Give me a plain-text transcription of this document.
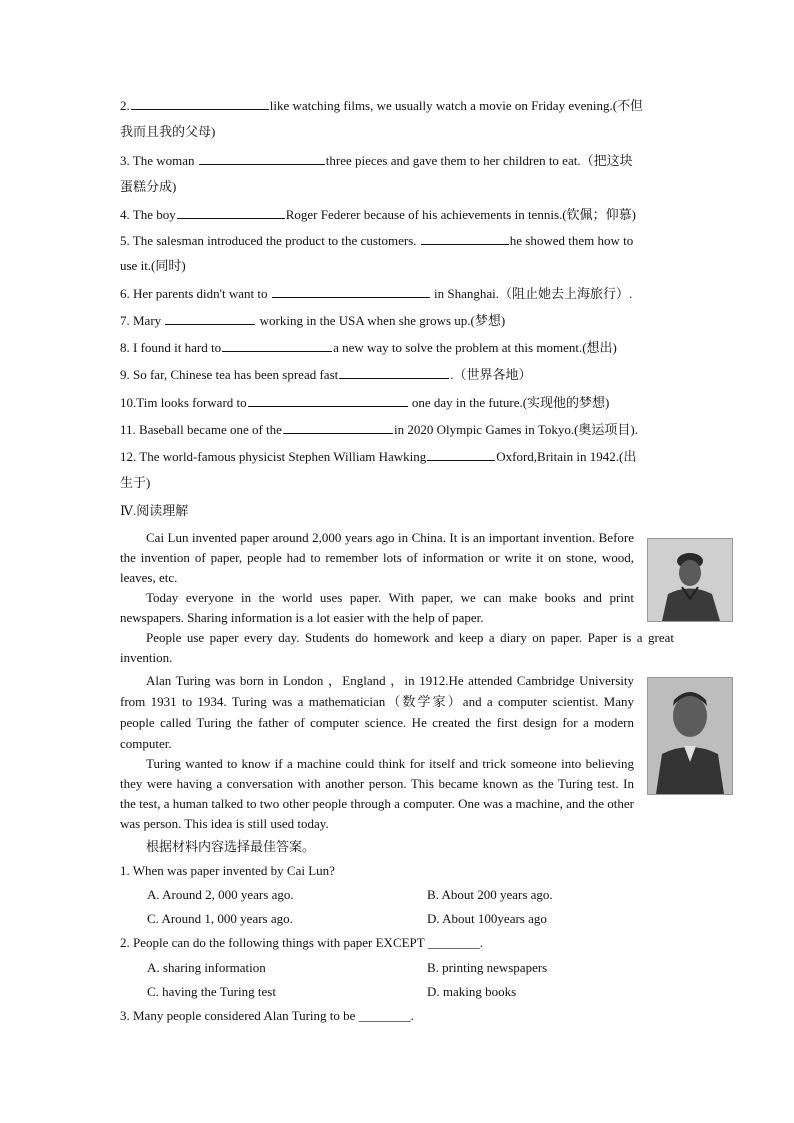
2.	like watching films, we usually watch a movie on Friday evening.(不但
我而且我的父母)
3. The woman	three pieces and gave them to her children to eat.（把这块
蛋糕分成)
4. The boy	Roger Federer because of his achievements in tennis.(钦佩；仰慕)
5. The salesman introduced the product to the customers.	he showed them how to
use it.(同时)
6. Her parents didn't want to	in Shanghai.（阻止她去上海旅行）.
7. Mary	working in the USA when she grows up.(梦想)
8. I found it hard to	a new way to solve the problem at this moment.(想出)
9. So far, Chinese tea has been spread fast	.（世界各地）
10.Tim looks forward to	one day in the future.(实现他的梦想)
11. Baseball became one of the	in 2020 Olympic Games in Tokyo.(奥运项目).
12. The world-famous physicist Stephen William Hawking	Oxford,Britain in 1942.(出
生于)
Ⅳ.阅读理解
Cai Lun invented paper around 2,000 years ago in China. It is an important invention. Before the invention of paper, people had to remember lots of information or write it on stone, wood, leaves, etc.
Today everyone in the world uses paper. With paper, we can make books and print newspapers. Sharing information is a lot easier with the help of paper.
People use paper every day. Students do homework and keep a diary on paper. Paper is a great invention.
Alan Turing was born in London ，England ，in 1912.He attended Cambridge University from 1931 to 1934. Turing was a mathematician（数学家）and a computer scientist. Many people called Turing the father of computer science. He created the first design for a modern computer.
Turing wanted to know if a machine could think for itself and trick someone into believing they were having a conversation with another person. This became known as the Turing test. In the test, a human talked to two other people through a computer. One was a machine, and the other was person. This idea is still used today.
根据材料内容选择最佳答案。
1. When was paper invented by Cai Lun?
A. Around 2, 000 years ago.	B. About 200 years ago.
C. Around 1, 000 years ago.	D. About 100years ago
2. People can do the following things with paper EXCEPT ________.
A. sharing information	B. printing newspapers
C. having the Turing test	D. making books
3. Many people considered Alan Turing to be ________.
